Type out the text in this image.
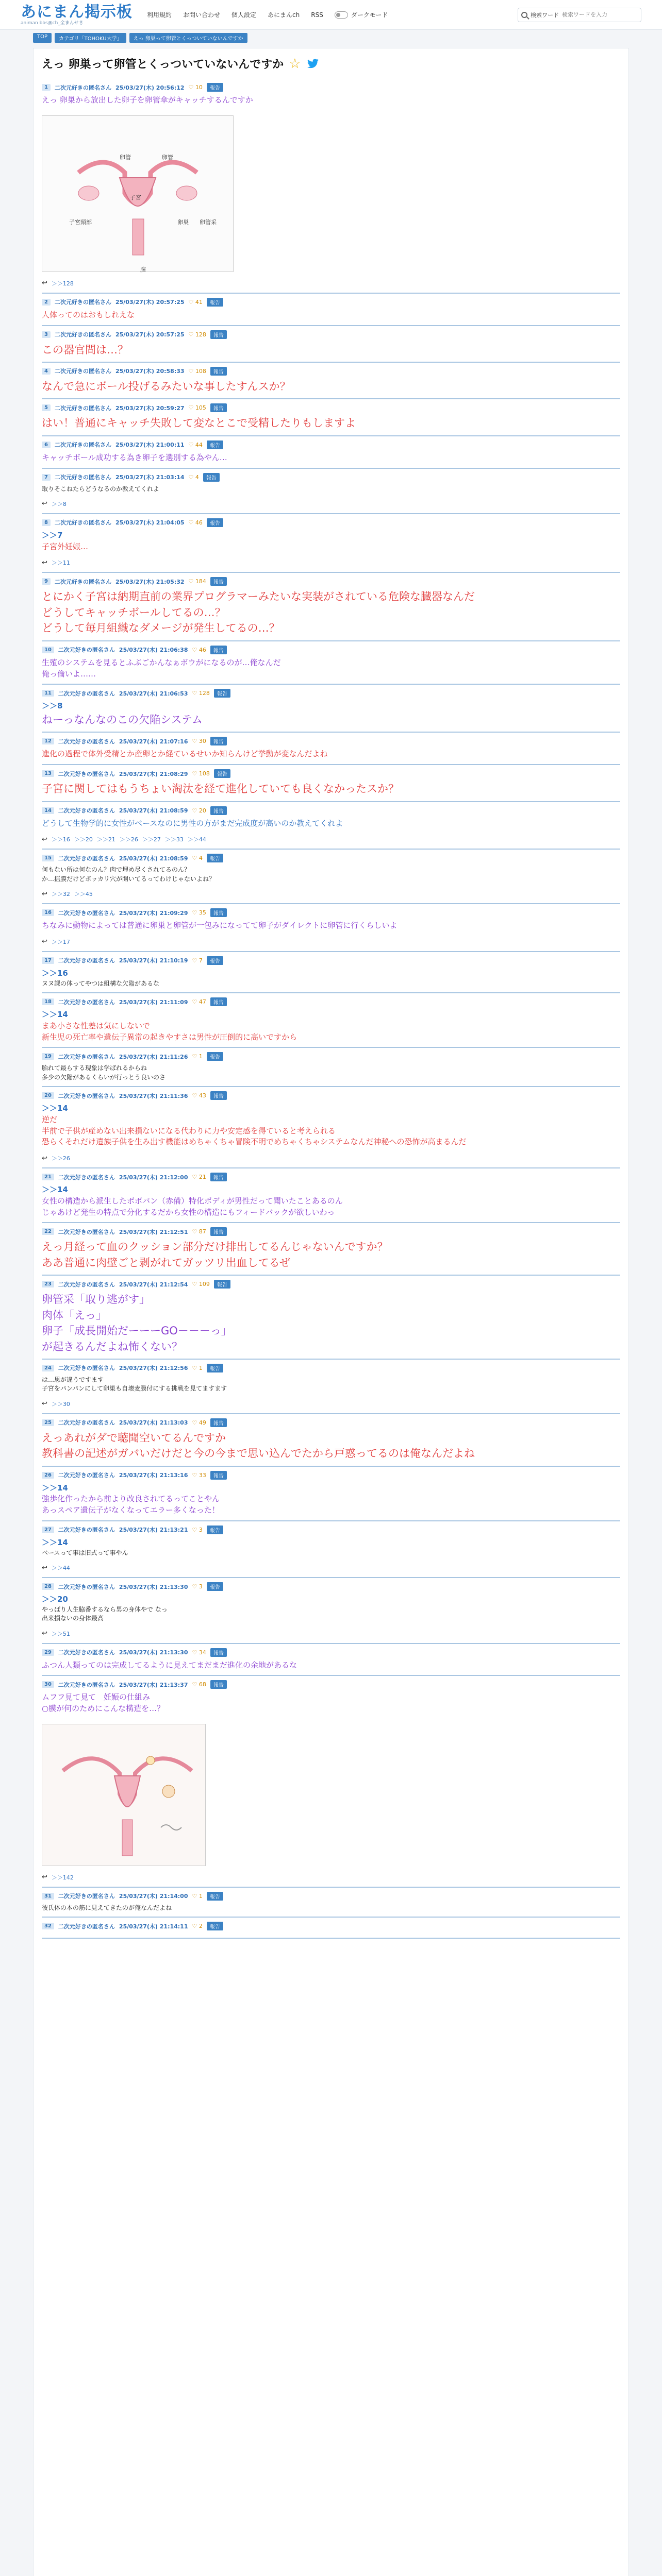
あにまん掲示板
animan bbs@ch_全まんせき
利用規約 お問い合わせ 個人設定 あにまんch RSS	ダークモード	検索ワード
検索ワードを入力
TOP	カテゴリ「TOHOKU大学」	えっ 卵巣って卵管とくっついていないんですか
えっ 卵巣って卵管とくっついていないんですか ☆
1	二次元好きの匿名さん 25/03/27(木) 20:56:12 ♡ 10	報告
えっ 卵巣から放出した卵子を卵管傘がキャッチするんですか
卵管	卵管
子宮
子宮頸部	卵巣 卵管采
膣
↩ ＞＞128
2	二次元好きの匿名さん 25/03/27(木) 20:57:25 ♡ 41	報告
人体ってのはおもしれえな
3	二次元好きの匿名さん 25/03/27(木) 20:57:25 ♡ 128	報告
この器官間は…？
4	二次元好きの匿名さん 25/03/27(木) 20:58:33 ♡ 108	報告
なんで急にボール投げるみたいな事したすんスか？
5	二次元好きの匿名さん 25/03/27(木) 20:59:27 ♡ 105	報告
はい！普通にキャッチ失敗して変なとこで受精したりもしますよ
6	二次元好きの匿名さん 25/03/27(木) 21:00:11 ♡ 44	報告
キャッチボール成功する為き卵子を選別する為やん…
7	二次元好きの匿名さん 25/03/27(木) 21:03:14 ♡ 4	報告
取りそこねたらどうなるのか教えてくれよ
↩ ＞＞8
8	二次元好きの匿名さん 25/03/27(木) 21:04:05 ♡ 46	報告
＞＞7
子宮外妊娠…
↩ ＞＞11
9	二次元好きの匿名さん 25/03/27(木) 21:05:32 ♡ 184	報告
とにかく子宮は納期直前の業界プログラマーみたいな実装がされている危険な臓器なんだ
どうしてキャッチボールしてるの…？
どうして毎月組織なダメージが発生してるの…？
10	二次元好きの匿名さん 25/03/27(木) 21:06:38 ♡ 46	報告
生殖のシステムを見るとふぶごかんなぁボウがになるのが…俺なんだ
俺っ倫いよ……
11	二次元好きの匿名さん 25/03/27(木) 21:06:53 ♡ 128	報告
＞＞8
ねーっなんなのこの欠陥システム
12	二次元好きの匿名さん 25/03/27(木) 21:07:16 ♡ 30	報告
進化の過程で体外受精とか産卵とか経ているせいか知らんけど挙動が変なんだよね
13	二次元好きの匿名さん 25/03/27(木) 21:08:29 ♡ 108	報告
子宮に関してはもうちょい淘汰を経て進化していても良くなかったスか？
14	二次元好きの匿名さん 25/03/27(木) 21:08:59 ♡ 20	報告
どうして生物学的に女性がベースなのに男性の方がまだ完成度が高いのか教えてくれよ
↩ ＞＞16 ＞＞20 ＞＞21 ＞＞26 ＞＞27 ＞＞33 ＞＞44
15	二次元好きの匿名さん 25/03/27(木) 21:08:59 ♡ 4	報告
何もない所は何なのん？肉で埋め尽くされてるのん？
か…揺膜だけどボッカリ穴が開いてるってわけじゃないよね？
↩ ＞＞32 ＞＞45
16	二次元好きの匿名さん 25/03/27(木) 21:09:29 ♡ 35	報告
ちなみに動物によっては普通に卵巣と卵管が一包みになってて卵子がダイレクトに卵管に行くらしいよ
↩ ＞＞17
17	二次元好きの匿名さん 25/03/27(木) 21:10:19 ♡ 7	報告
＞＞16
ヌヌ課の体ってやつは組構な欠陥があるな
18	二次元好きの匿名さん 25/03/27(木) 21:11:09 ♡ 47	報告
＞＞14
まあ小さな性差は気にしないで
新生児の死亡率や遺伝子異常の起きやすさは男性が圧倒的に高いですから
19	二次元好きの匿名さん 25/03/27(木) 21:11:26 ♡ 1	報告
胎れて最らする現象は学ばれるからね
多少の欠陥があるくらいが行っとう良いのさ
20	二次元好きの匿名さん 25/03/27(木) 21:11:36 ♡ 43	報告
＞＞14
逆だ
半前で子供が産めない出来損ないになる代わりに力や安定感を得ていると考えられる
恐らくそれだけ遺族子供を生み出す機能はめちゃくちゃ冒険不明でめちゃくちゃシステムなんだ神秘への恐怖が高まるんだ
↩ ＞＞26
21	二次元好きの匿名さん 25/03/27(木) 21:12:00 ♡ 21	報告
＞＞14
女性の構造から派生したボボバン（赤備）特化ボディが男性だって聞いたことあるのん
じゃあけど発生の特点で分化するだから女性の構造にもフィードバックが欲しいわっ
22	二次元好きの匿名さん 25/03/27(木) 21:12:51 ♡ 87	報告
えっ月経って血のクッション部分だけ排出してるんじゃないんですか？
ああ普通に肉壁ごと剥がれてガッツリ出血してるぜ
23	二次元好きの匿名さん 25/03/27(木) 21:12:54 ♡ 109	報告
卵管采「取り逃がす」
肉体「えっ」
卵子「成長開始だーーーGO－－－っ」
が起きるんだよね怖くない？
24	二次元好きの匿名さん 25/03/27(木) 21:12:56 ♡ 1	報告
は…思が違うですます
子宮をパンパンにして卵巣も自壊麦膜付にする挑戦を見てますます
↩ ＞＞30
25	二次元好きの匿名さん 25/03/27(木) 21:13:03 ♡ 49	報告
えっあれがダで聴聞空いてるんですか
教科書の記述がガバいだけだと今の今まで思い込んでたから戸惑ってるのは俺なんだよね
26	二次元好きの匿名さん 25/03/27(木) 21:13:16 ♡ 33	報告
＞＞14
強歩化作ったから前より改良されてるってことやん
あっスペア遺伝子がなくなってエラー多くなった！
27	二次元好きの匿名さん 25/03/27(木) 21:13:21 ♡ 3	報告
＞＞14
ベースって事は旧式って事やん
↩ ＞＞44
28	二次元好きの匿名さん 25/03/27(木) 21:13:30 ♡ 3	報告
＞＞20
やっぱり人生脇番するなら男の身体やで なっ
出来損ないの身体最高
↩ ＞＞51
29	二次元好きの匿名さん 25/03/27(木) 21:13:30 ♡ 34	報告
ふつん人類ってのは完成してるように見えてまだまだ進化の余地があるな
30	二次元好きの匿名さん 25/03/27(木) 21:13:37 ♡ 68	報告
ムフフ見て見て　妊娠の仕組み
○膜が何のためにこんな構造を…？
↩ ＞＞142
31	二次元好きの匿名さん 25/03/27(木) 21:14:00 ♡ 1	報告
彼氏体の本の筋に見えてきたのが俺なんだよね
32	二次元好きの匿名さん 25/03/27(木) 21:14:11 ♡ 2	報告
